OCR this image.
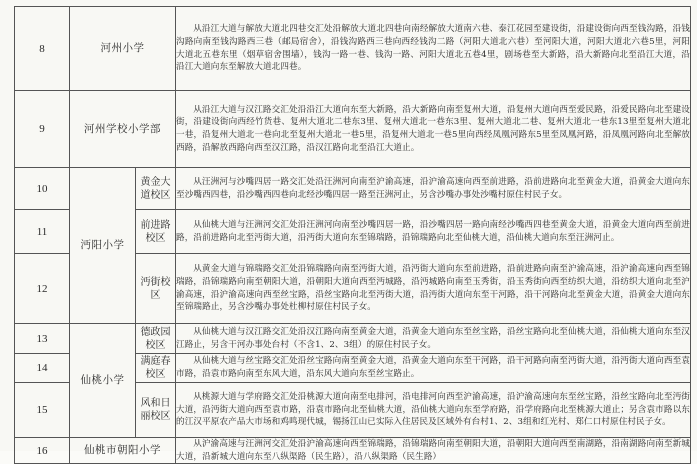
8	河州小学		从沿江大道与解放大道北四巷交汇处沿解放大道北四巷向南经解放大道南六巷、泰江花园至建设街，沿建设街向西至钱沟路，沿钱沟路向南至钱沟路西三巷（邮局宿舍），沿钱沟路西三巷向西经钱沟二路（河阳大道北六巷）至河阳大道，河阳大道北六巷5里，河阳大道北五巷东里（烟草宿舍围墙），钱沟一路一巷、钱沟一路、河阳大道北五巷4里，剧场巷至大新路，沿大新路向北至沿江大道，沿沿江大道向东至解放大道北四巷。
9	河州学校小学部		从沿江大道与汉江路交汇处沿沿江大道向东至大新路，沿大新路向南至复州大道，沿复州大道向西至爱民路，沿爱民路向北至建设街，沿建设街向西经竹货巷、复州大道北二巷东3里、复州大道北一巷东3里、复州大道北二巷、复州大道北一巷东13里至复州大道北一巷，沿复州大道北一巷向北至复州大道北一巷5里，沿复州大道北一巷5里向西经凤凰河路东5里至凤凰河路，沿凤凰河路向北至解放西路，沿解放西路向西至汉江路，沿汉江路向北至沿江大道止。
10	沔阳小学	黄金大道校区	从汪洲河与沙嘴四居一路交汇处沿汪洲河向南至沪渝高速，沿沪渝高速向西至前进路，沿前进路向北至黄金大道，沿黄金大道向东至沙嘴西四巷，沿沙嘴西四巷向北经沙嘴四居一路至汪洲河止，另含沙嘴办事处沙嘴村原住村民子女。
11		前进路校区	从仙桃大道与汪洲河交汇处沿汪洲河向南至沙嘴四居一路，沿沙嘴四居一路向南经沙嘴西四巷至黄金大道，沿黄金大道向西至前进路，沿前进路向北至沔街大道，沿沔街大道向东至锦瑞路，沿锦瑞路向北至仙桃大道，沿仙桃大道向东至汪洲河止。
12		沔街校区	从黄金大道与锦瑞路交汇处沿锦瑞路向南至沔街大道，沿沔街大道向东至前进路，沿前进路向南至沪渝高速，沿沪渝高速向西至锦瑞路，沿锦瑞路向南至朝阳大道，沿朝阳大道向西至沔城路，沿沔城路向南至玉秀街，沿玉秀街向西至纺织大道，沿纺织大道向北至沪渝高速，沿沪渝高速向西至丝宝路，沿丝宝路向北至沔街大道，沿沔街大道向东至干河路，沿干河路向北至黄金大道，沿黄金大道向东至锦瑞路止，另含沙嘴办事处杜柳村原住村民子女。
13	仙桃小学	德政园校区	从仙桃大道与汉江路交汇处沿汉江路向南至黄金大道，沿黄金大道向东至丝宝路，沿丝宝路向北至仙桃大道，沿仙桃大道向东至汉江路止，另含干河办事处台村（不含1、2、3组）的原住村民子女。
14		满庭春校区	从仙桃大道与丝宝路交汇处沿丝宝路向南至黄金大道，沿黄金大道向东至干河路，沿干河路向南至沔街大道，沿沔街大道向西至袁市路，沿袁市路向南至东风大道，沿东风大道向东至丝宝路止。
15		风和日丽校区	从桃源大道与学府路交汇处沿桃源大道向南至电排河，沿电排河向西至沪渝高速，沿沪渝高速向东至丝宝路，沿丝宝路向北至沔街大道，沿沔街大道向西至袁市路，沿袁市路向北至仙桃大道，沿仙桃大道向东至学府路，沿学府路向北至桃源大道止；另含袁市路以东的江汉平原农产品大市场和鸡鸣现代城，锡扬江山已实际入住居民及区域外有台村1、2、3组和红光村、郑仁口村原住村民子女。
16	仙桃市朝阳小学		从沪渝高速与汪洲河交汇处沿沪渝高速向西至锦瑞路，沿锦瑞路向南至朝阳大道，沿朝阳大道向西至南湖路，沿南湖路向南至新城大道，沿新城大道向东至八纵渠路（民生路），沿八纵渠路（民生路）
